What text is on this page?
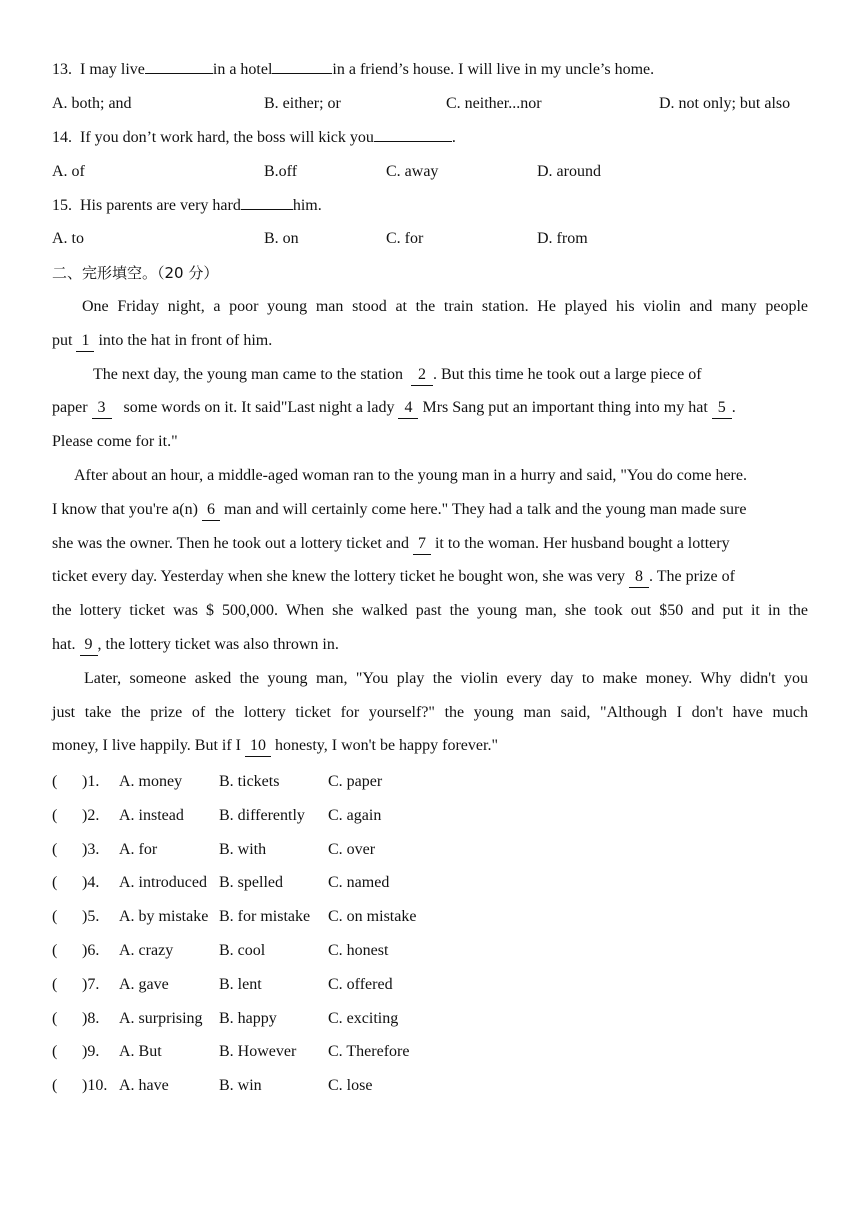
13. I may live	in a hotel	in a friend’s house. I will live in my uncle’s home.
A. both; and	B. either; or	C. neither...nor	D. not only; but also
14. If you don’t work hard, the boss will kick you	.
A. of	B.off	C. away	D. around
15. His parents are very hard	him.
A. to	B. on	C. for	D. from
二、完形填空。（20 分）
One Friday night, a poor young man stood at the train station. He played his violin and many people
put 1 into the hat in front of him.
The next day, the young man came to the station 2 . But this time he took out a large piece of
paper 3 some words on it. It said"Last night a lady 4 Mrs Sang put an important thing into my hat 5 .
Please come for it."
After about an hour, a middle-aged woman ran to the young man in a hurry and said, "You do come here.
I know that you're a(n) 6 man and will certainly come here." They had a talk and the young man made sure
she was the owner. Then he took out a lottery ticket and 7 it to the woman. Her husband bought a lottery
ticket every day. Yesterday when she knew the lottery ticket he bought won, she was very 8 . The prize of
the lottery ticket was $ 500,000. When she walked past the young man, she took out $50 and put it in the
hat. 9 , the lottery ticket was also thrown in.
Later, someone asked the young man, "You play the violin every day to make money. Why didn't you
just take the prize of the lottery ticket for yourself?" the young man said, "Although I don't have much
money, I live happily. But if I 10 honesty, I won't be happy forever."
( )1. A. money B. tickets	C. paper
( )2. A. instead B. differently C. again
( )3. A. for	B. with	C. over
( )4. A. introduced B. spelled	C. named
( )5. A. by mistake B. for mistake C. on mistake
( )6. A. crazy	B. cool	C. honest
( )7. A. gave	B. lent	C. offered
( )8. A. surprising B. happy	C. exciting
( )9. A. But	B. However C. Therefore
( )10. A. have	B. win	C. lose
